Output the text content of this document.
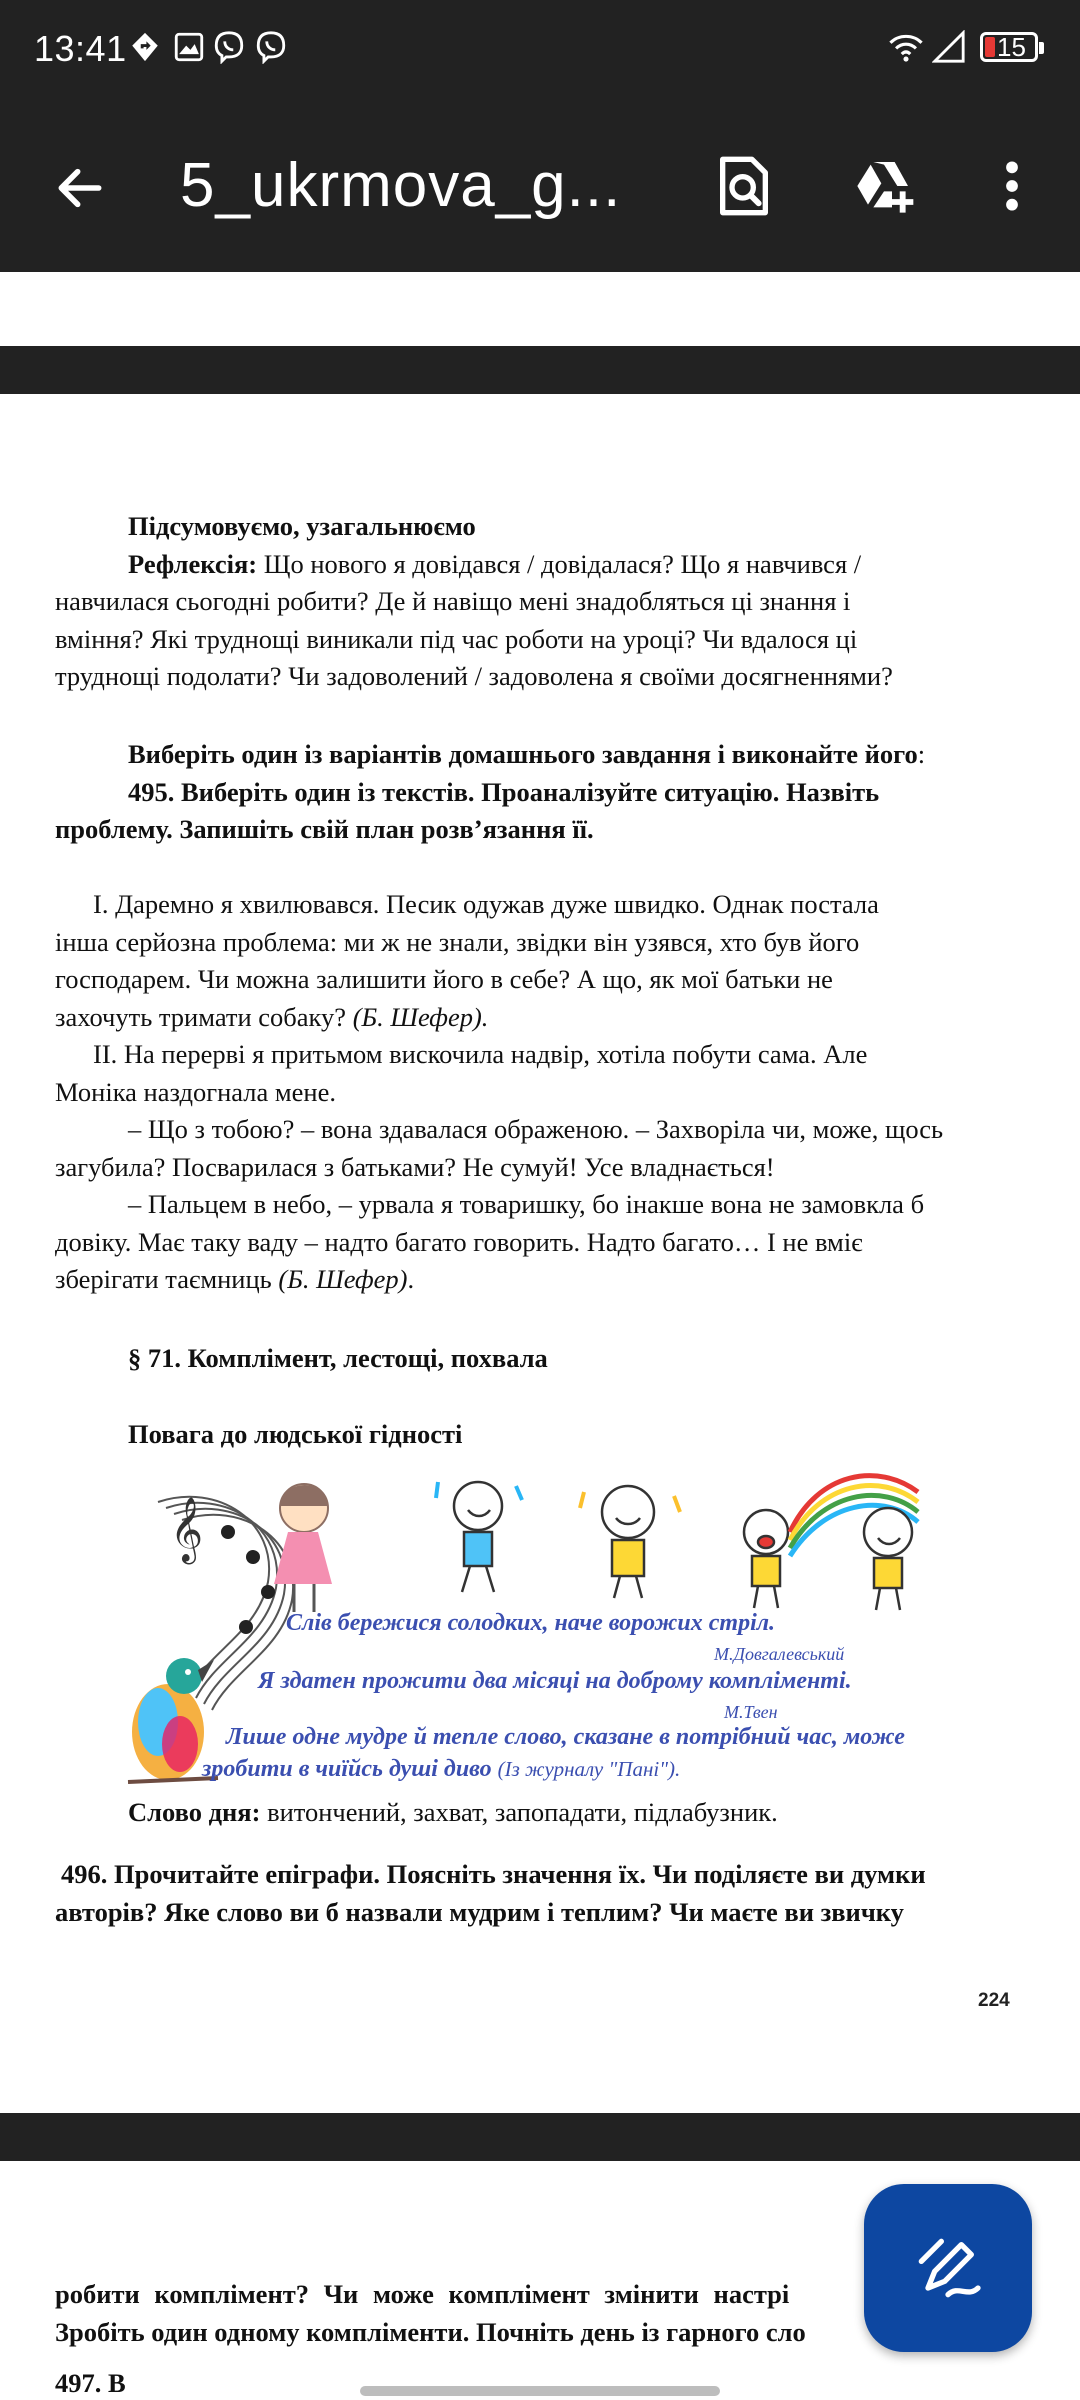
13:41	15
5_ukrmova_g...

Підсумовуємо, узагальнюємо

Рефлексія: Що нового я довідався / довідалася? Що я навчився /

навчилася сьогодні робити? Де й навіщо мені знадобляться ці знання і

вміння? Які труднощі виникали під час роботи на уроці? Чи вдалося ці

труднощі подолати? Чи задоволений / задоволена я своїми досягненнями?

Виберіть один із варіантів домашнього завдання і виконайте його:

495. Виберіть один із текстів. Проаналізуйте ситуацію. Назвіть

проблему. Запишіть свій план розв’язання її.

I. Даремно я хвилювався. Песик одужав дуже швидко. Однак постала

інша серйозна проблема: ми ж не знали, звідки він узявся, хто був його

господарем. Чи можна залишити його в себе? А що, як мої батьки не

захочуть тримати собаку? (Б. Шефер).

II. На перерві я притьмом вискочила надвір, хотіла побути сама. Але

Моніка наздогнала мене.

– Що з тобою? – вона здавалася ображеною. – Захворіла чи, може, щось

загубила? Посварилася з батьками? Не сумуй! Усе владнається!

– Пальцем в небо, – урвала я товаришку, бо інакше вона не замовкла б

довіку. Має таку ваду – надто багато говорить. Надто багато… І не вміє

зберігати таємниць (Б. Шефер).

§ 71. Комплімент, лестощі, похвала

Повага до людської гідності

𝄞
Слів бережися солодких, наче ворожих стріл.
М.Довгалевський
Я здатен прожити два місяці на доброму компліменті.
М.Твен
Лише одне мудре й тепле слово, сказане в потрібний час, може
зробити в чиїйсь душі диво (Із журналу "Пані").

Слово дня: витончений, захват, запопадати, підлабузник.

496. Прочитайте епіграфи. Поясніть значення їх. Чи поділяєте ви думки

авторів? Яке слово ви б назвали мудрим і теплим? Чи маєте ви звичку

224

робити комплімент? Чи може комплімент змінити настрі

Зробіть один одному компліменти. Почніть день із гарного сло

497. В
